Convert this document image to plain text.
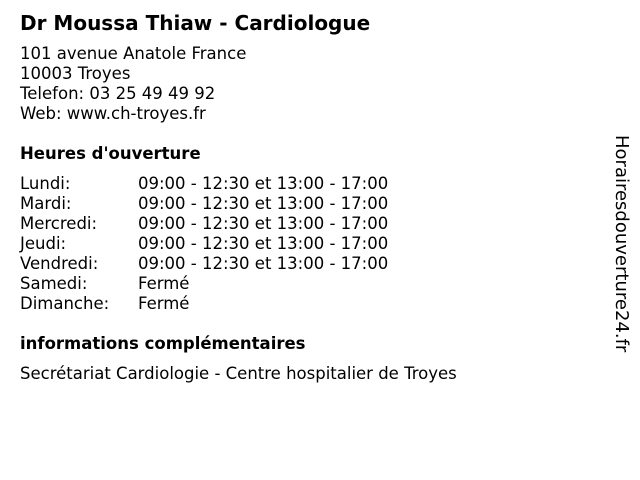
Dr Moussa Thiaw - Cardiologue
101 avenue Anatole France
10003 Troyes
Telefon: 03 25 49 49 92
Web: www.ch-troyes.fr
Heures d'ouverture
Lundi:	09:00 - 12:30 et 13:00 - 17:00
Mardi:	09:00 - 12:30 et 13:00 - 17:00
Mercredi:	09:00 - 12:30 et 13:00 - 17:00
Jeudi:	09:00 - 12:30 et 13:00 - 17:00
Vendredi:	09:00 - 12:30 et 13:00 - 17:00
Samedi:	Fermé
Dimanche:	Fermé
informations complémentaires
Secrétariat Cardiologie - Centre hospitalier de Troyes
Horairesdouverture24.fr
